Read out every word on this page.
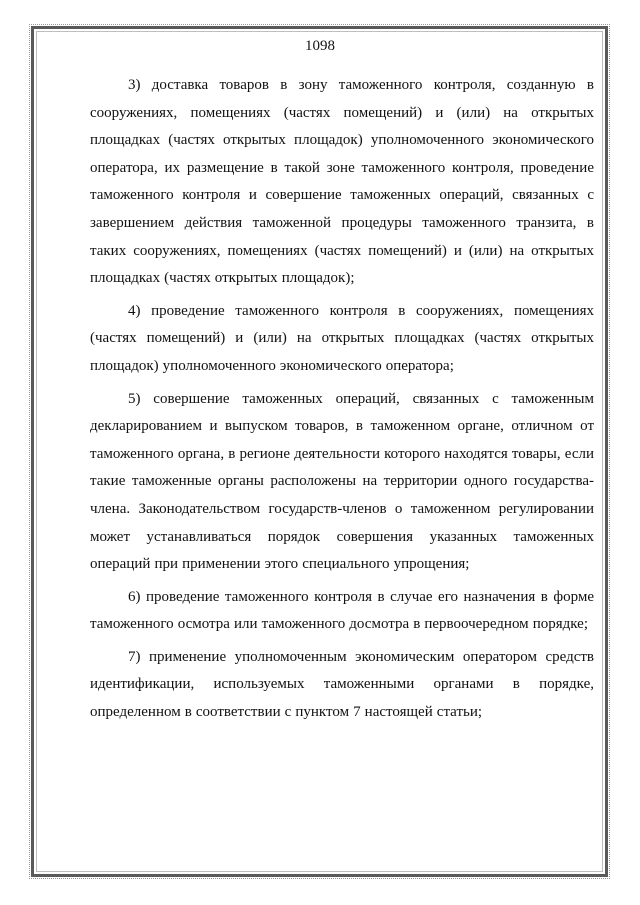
1098

3) доставка товаров в зону таможенного контроля, созданную в сооружениях, помещениях (частях помещений) и (или) на открытых площадках (частях открытых площадок) уполномоченного экономического оператора, их размещение в такой зоне таможенного контроля, проведение таможенного контроля и совершение таможенных операций, связанных с завершением действия таможенной процедуры таможенного транзита, в таких сооружениях, помещениях (частях помещений) и (или) на открытых площадках (частях открытых площадок);

4) проведение таможенного контроля в сооружениях, помещениях (частях помещений) и (или) на открытых площадках (частях открытых площадок) уполномоченного экономического оператора;

5) совершение таможенных операций, связанных с таможенным декларированием и выпуском товаров, в таможенном органе, отличном от таможенного органа, в регионе деятельности которого находятся товары, если такие таможенные органы расположены на территории одного государства-члена. Законодательством государств-членов о таможенном регулировании может устанавливаться порядок совершения указанных таможенных операций при применении этого специального упрощения;

6) проведение таможенного контроля в случае его назначения в форме таможенного осмотра или таможенного досмотра в первоочередном порядке;

7) применение уполномоченным экономическим оператором средств идентификации, используемых таможенными органами в порядке, определенном в соответствии с пунктом 7 настоящей статьи;
